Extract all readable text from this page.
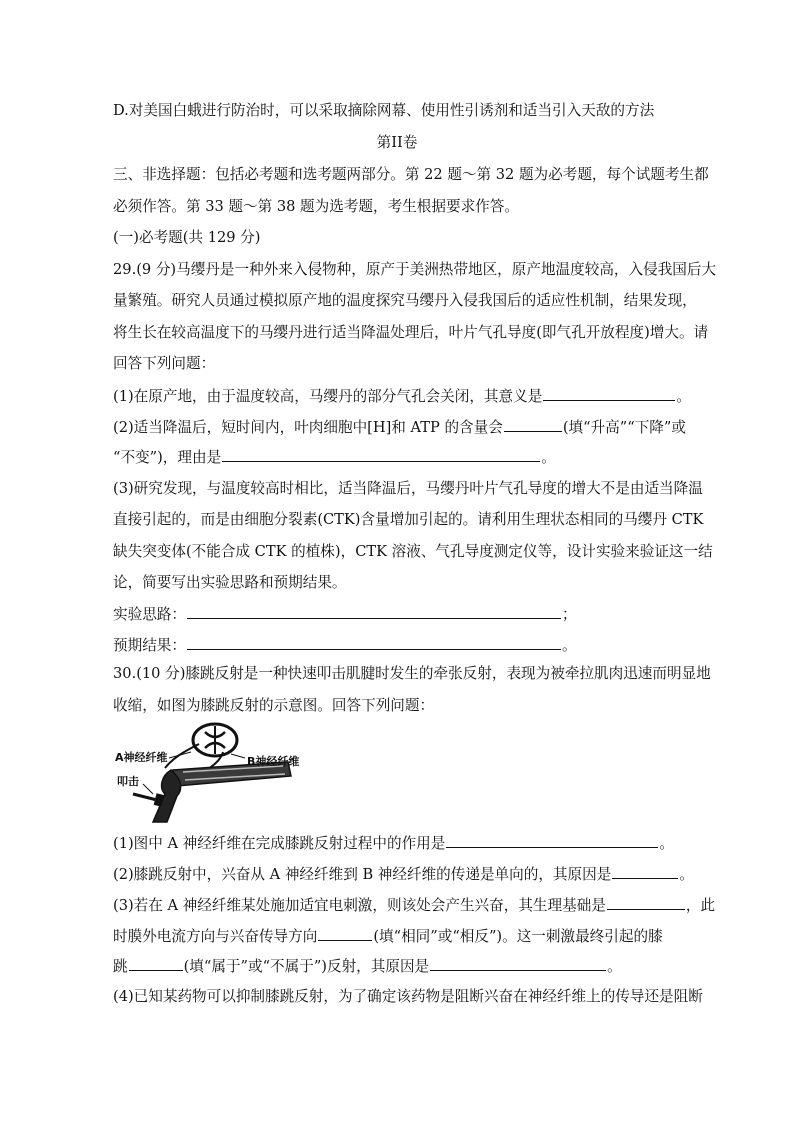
D.对美国白蛾进行防治时，可以采取摘除网幕、使用性引诱剂和适当引入天敌的方法
第II卷
三、非选择题：包括必考题和选考题两部分。第 22 题～第 32 题为必考题，每个试题考生都
必须作答。第 33 题～第 38 题为选考题，考生根据要求作答。
(一)必考题(共 129 分)
29.(9 分)马缨丹是一种外来入侵物种，原产于美洲热带地区，原产地温度较高，入侵我国后大
量繁殖。研究人员通过模拟原产地的温度探究马缨丹入侵我国后的适应性机制，结果发现，
将生长在较高温度下的马缨丹进行适当降温处理后，叶片气孔导度(即气孔开放程度)增大。请
回答下列问题：
(1)在原产地，由于温度较高，马缨丹的部分气孔会关闭，其意义是	。
(2)适当降温后，短时间内，叶肉细胞中[H]和 ATP 的含量会	(填“升高”“下降”或
“不变”)，理由是	。
(3)研究发现，与温度较高时相比，适当降温后，马缨丹叶片气孔导度的增大不是由适当降温
直接引起的，而是由细胞分裂素(CTK)含量增加引起的。请利用生理状态相同的马缨丹 CTK
缺失突变体(不能合成 CTK 的植株)，CTK 溶液、气孔导度测定仪等，设计实验来验证这一结
论，简要写出实验思路和预期结果。
实验思路：	；
预期结果：	。
30.(10 分)膝跳反射是一种快速叩击肌腱时发生的牵张反射，表现为被牵拉肌肉迅速而明显地
收缩，如图为膝跳反射的示意图。回答下列问题：
A神经纤维	B神经纤维
叩击
(1)图中 A 神经纤维在完成膝跳反射过程中的作用是	。
(2)膝跳反射中，兴奋从 A 神经纤维到 B 神经纤维的传递是单向的，其原因是	。
(3)若在 A 神经纤维某处施加适宜电刺激，则该处会产生兴奋，其生理基础是	，此
时膜外电流方向与兴奋传导方向	(填“相同”或“相反”)。这一刺激最终引起的膝
跳	(填“属于”或“不属于”)反射，其原因是	。
(4)已知某药物可以抑制膝跳反射，为了确定该药物是阻断兴奋在神经纤维上的传导还是阻断
